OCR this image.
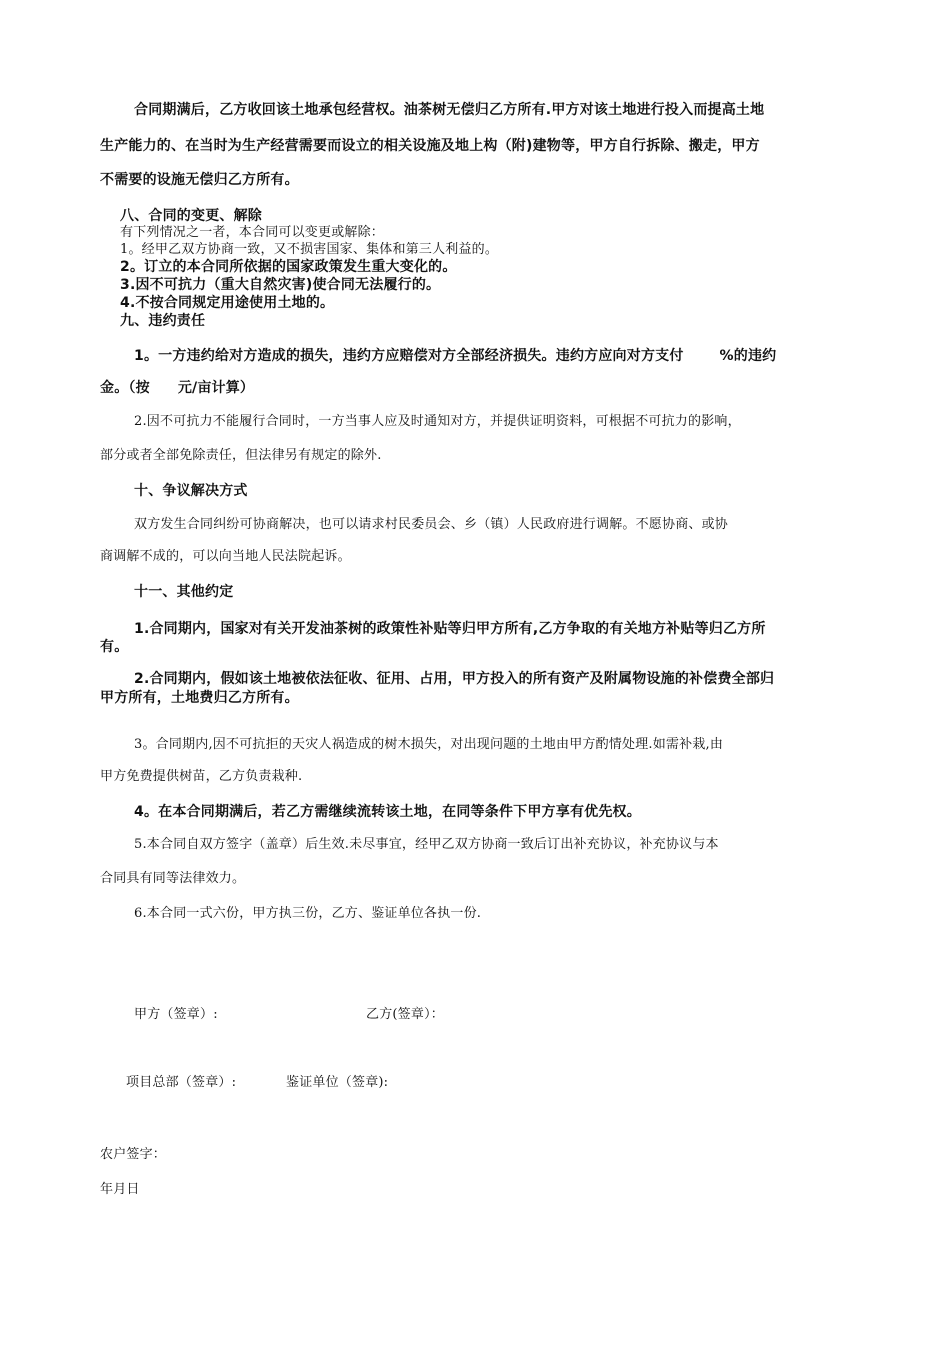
合同期满后，乙方收回该土地承包经营权。油茶树无偿归乙方所有.甲方对该土地进行投入而提高土地
生产能力的、在当时为生产经营需要而设立的相关设施及地上构（附)建物等，甲方自行拆除、搬走，甲方
不需要的设施无偿归乙方所有。
八、合同的变更、解除
有下列情况之一者，本合同可以变更或解除：
1。经甲乙双方协商一致，又不损害国家、集体和第三人利益的。
2。订立的本合同所依据的国家政策发生重大变化的。
3.因不可抗力（重大自然灾害)使合同无法履行的。
4.不按合同规定用途使用土地的。
九、违约责任
1。一方违约给对方造成的损失，违约方应赔偿对方全部经济损失。违约方应向对方支付	%的违约
金。（按 元/亩计算）
2.因不可抗力不能履行合同时，一方当事人应及时通知对方，并提供证明资料，可根据不可抗力的影响，
部分或者全部免除责任，但法律另有规定的除外.
十、争议解决方式
双方发生合同纠纷可协商解决，也可以请求村民委员会、乡（镇）人民政府进行调解。不愿协商、或协
商调解不成的，可以向当地人民法院起诉。
十一、其他约定
1.合同期内，国家对有关开发油茶树的政策性补贴等归甲方所有,乙方争取的有关地方补贴等归乙方所
有。
2.合同期内，假如该土地被依法征收、征用、占用，甲方投入的所有资产及附属物设施的补偿费全部归
甲方所有，土地费归乙方所有。
3。合同期内,因不可抗拒的天灾人祸造成的树木损失，对出现问题的土地由甲方酌情处理.如需补栽,由
甲方免费提供树苗，乙方负责栽种.
4。在本合同期满后，若乙方需继续流转该土地，在同等条件下甲方享有优先权。
5.本合同自双方签字（盖章）后生效.未尽事宜，经甲乙双方协商一致后订出补充协议，补充协议与本
合同具有同等法律效力。
6.本合同一式六份，甲方执三份，乙方、鉴证单位各执一份.
甲方（签章）:	乙方(签章）：
项目总部（签章）:	鉴证单位（签章):
农户签字：
年月日
